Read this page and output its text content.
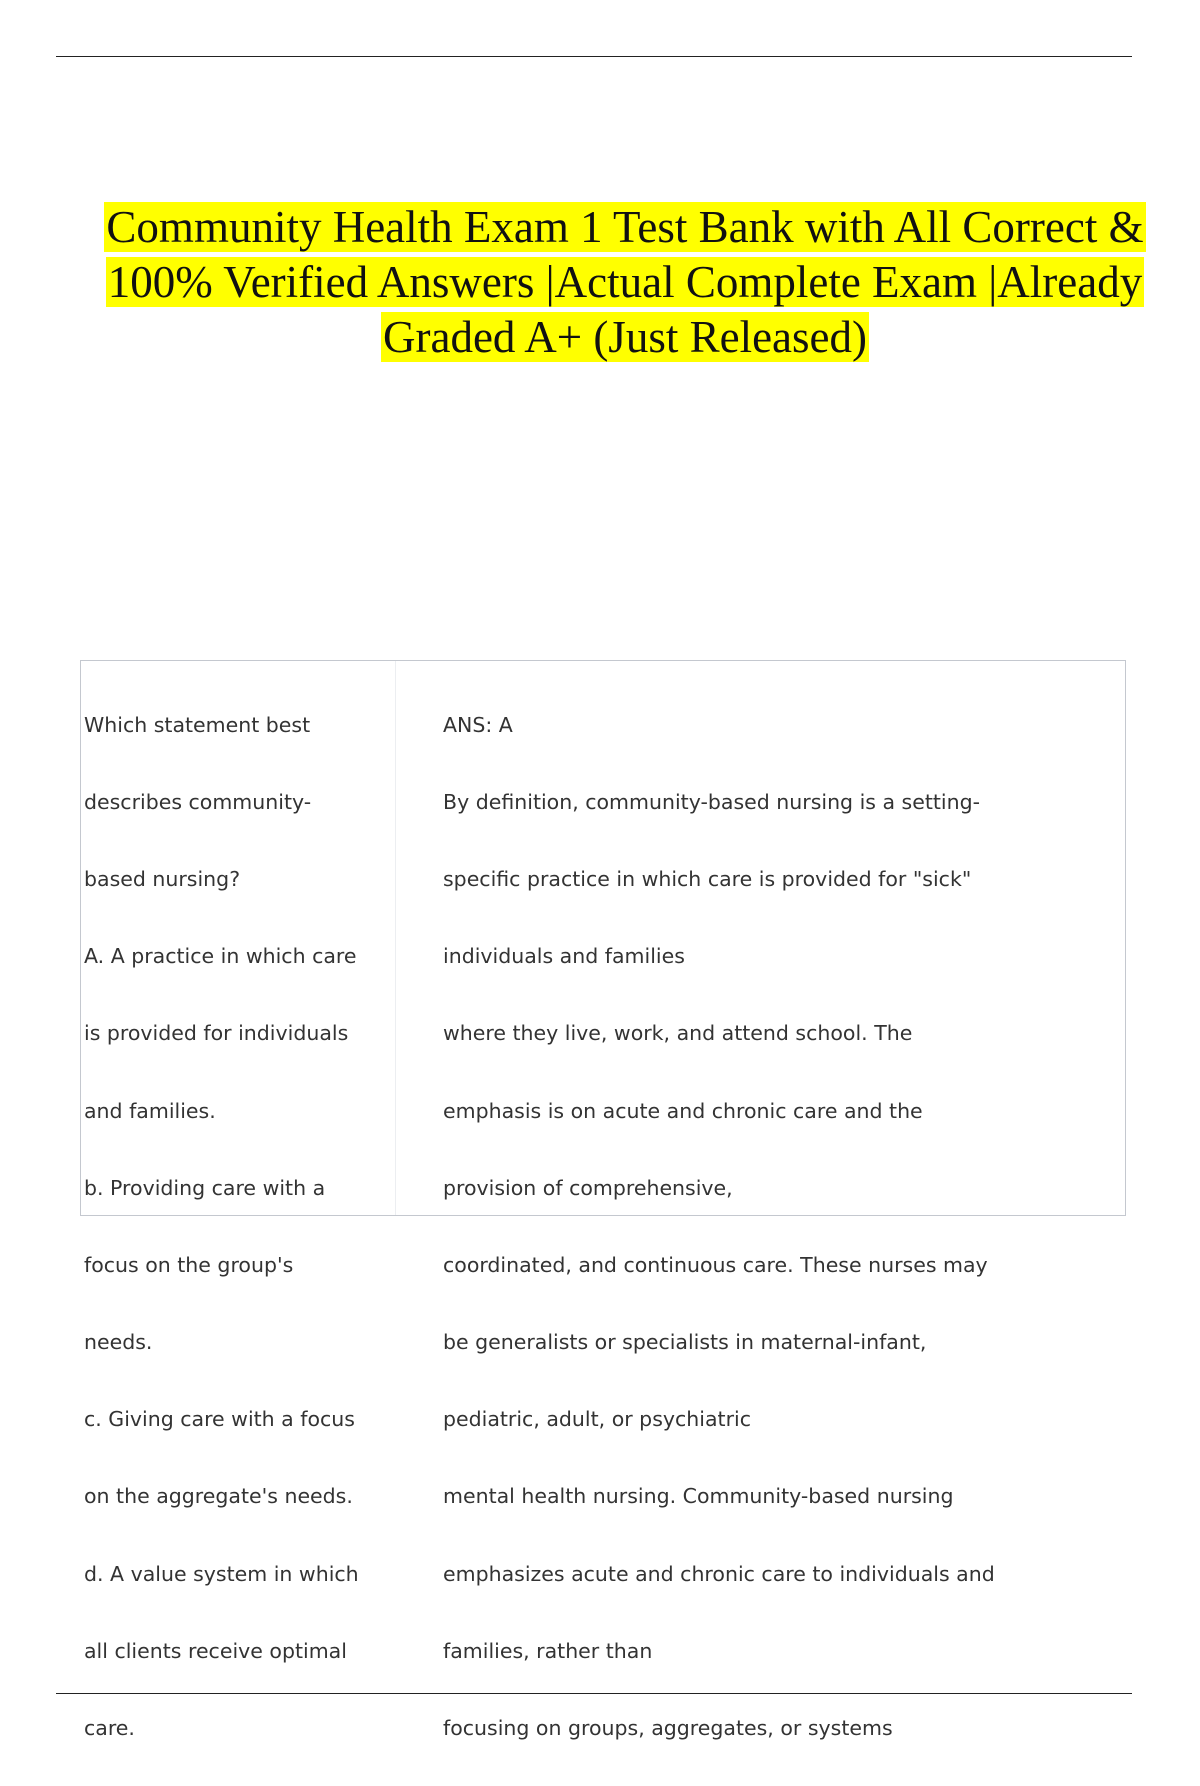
Community Health Exam 1 Test Bank with All Correct &
100% Verified Answers |Actual Complete Exam |Already
Graded A+ (Just Released)

Which statement best

describes community-

based nursing?

A. A practice in which care

is provided for individuals

and families.

b. Providing care with a

focus on the group's

needs.

c. Giving care with a focus

on the aggregate's needs.

d. A value system in which

all clients receive optimal

care.

ANS: A

By definition, community-based nursing is a setting-

specific practice in which care is provided for "sick"

individuals and families

where they live, work, and attend school. The

emphasis is on acute and chronic care and the

provision of comprehensive,

coordinated, and continuous care. These nurses may

be generalists or specialists in maternal-infant,

pediatric, adult, or psychiatric

mental health nursing. Community-based nursing

emphasizes acute and chronic care to individuals and

families, rather than

focusing on groups, aggregates, or systems
